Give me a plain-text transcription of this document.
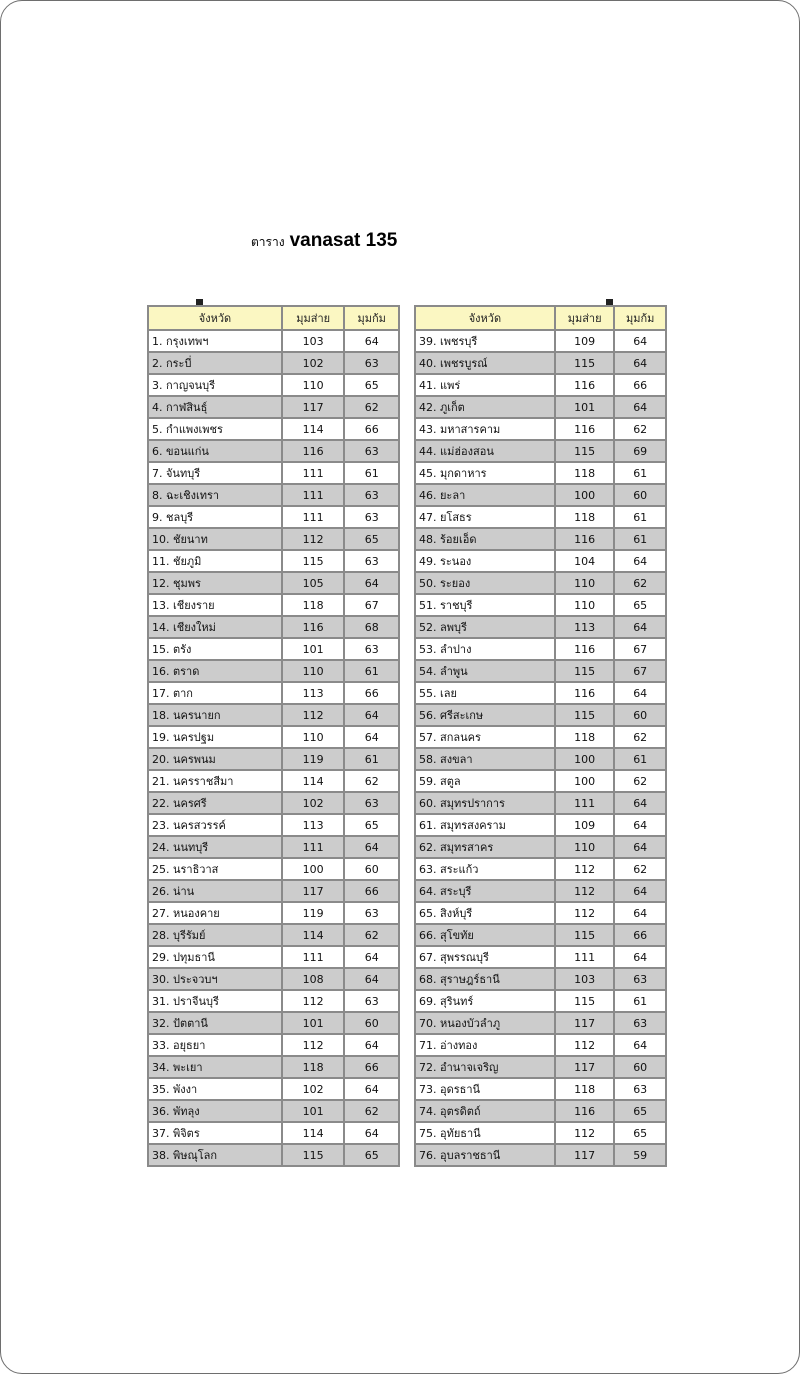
ตาราง vanasat 135
จังหวัด	มุมส่าย	มุมก้ม
1. กรุงเทพฯ	103	64
2. กระบี่	102	63
3. กาญจนบุรี	110	65
4. กาฬสินธุ์	117	62
5. กำแพงเพชร	114	66
6. ขอนแก่น	116	63
7. จันทบุรี	111	61
8. ฉะเชิงเทรา	111	63
9. ชลบุรี	111	63
10. ชัยนาท	112	65
11. ชัยภูมิ	115	63
12. ชุมพร	105	64
13. เชียงราย	118	67
14. เชียงใหม่	116	68
15. ตรัง	101	63
16. ตราด	110	61
17. ตาก	113	66
18. นครนายก	112	64
19. นครปฐม	110	64
20. นครพนม	119	61
21. นครราชสีมา	114	62
22. นครศรี	102	63
23. นครสวรรค์	113	65
24. นนทบุรี	111	64
25. นราธิวาส	100	60
26. น่าน	117	66
27. หนองคาย	119	63
28. บุรีรัมย์	114	62
29. ปทุมธานี	111	64
30. ประจวบฯ	108	64
31. ปราจีนบุรี	112	63
32. ปัตตานี	101	60
33. อยุธยา	112	64
34. พะเยา	118	66
35. พังงา	102	64
36. พัทลุง	101	62
37. พิจิตร	114	64
38. พิษณุโลก	115	65
จังหวัด	มุมส่าย	มุมก้ม
39. เพชรบุรี	109	64
40. เพชรบูรณ์	115	64
41. แพร่	116	66
42. ภูเก็ต	101	64
43. มหาสารคาม	116	62
44. แม่ฮ่องสอน	115	69
45. มุกดาหาร	118	61
46. ยะลา	100	60
47. ยโสธร	118	61
48. ร้อยเอ็ด	116	61
49. ระนอง	104	64
50. ระยอง	110	62
51. ราชบุรี	110	65
52. ลพบุรี	113	64
53. ลำปาง	116	67
54. ลำพูน	115	67
55. เลย	116	64
56. ศรีสะเกษ	115	60
57. สกลนคร	118	62
58. สงขลา	100	61
59. สตูล	100	62
60. สมุทรปราการ	111	64
61. สมุทรสงคราม	109	64
62. สมุทรสาคร	110	64
63. สระแก้ว	112	62
64. สระบุรี	112	64
65. สิงห์บุรี	112	64
66. สุโขทัย	115	66
67. สุพรรณบุรี	111	64
68. สุราษฎร์ธานี	103	63
69. สุรินทร์	115	61
70. หนองบัวลำภู	117	63
71. อ่างทอง	112	64
72. อำนาจเจริญ	117	60
73. อุดรธานี	118	63
74. อุตรดิตถ์	116	65
75. อุทัยธานี	112	65
76. อุบลราชธานี	117	59
